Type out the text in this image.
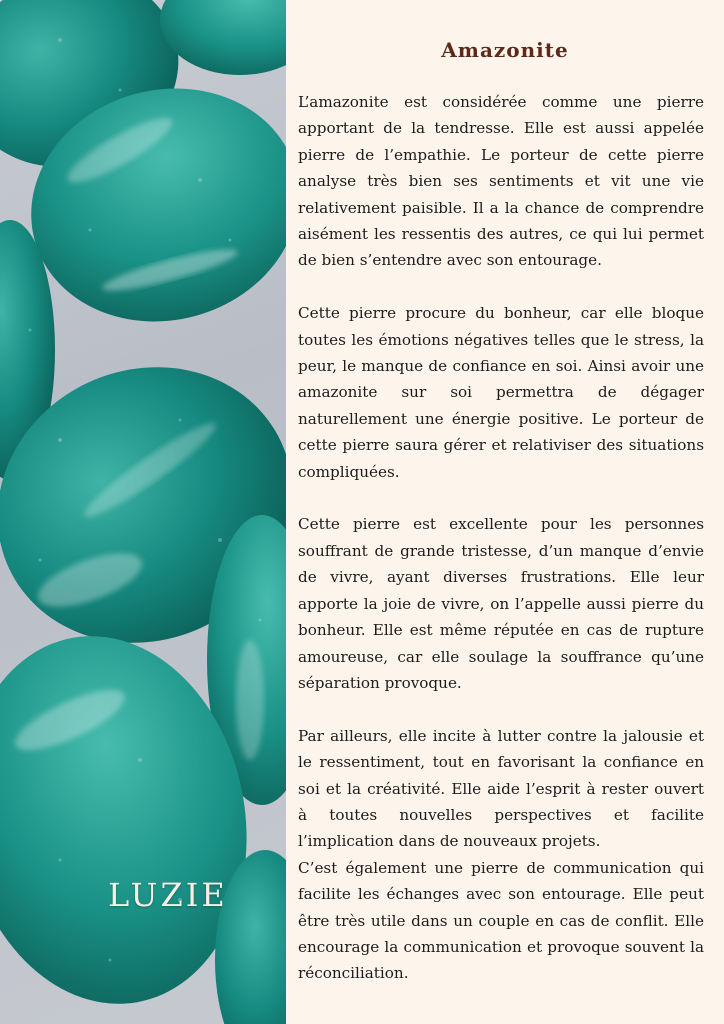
LUZIE
Amazonite

L’amazonite est considérée comme une pierre apportant de la tendresse. Elle est aussi appelée pierre de l’empathie. Le porteur de cette pierre analyse très bien ses sentiments et vit une vie relativement paisible. Il a la chance de comprendre aisément les ressentis des autres, ce qui lui permet de bien s’entendre avec son entourage.

Cette pierre procure du bonheur, car elle bloque toutes les émotions négatives telles que le stress, la peur, le manque de confiance en soi. Ainsi avoir une amazonite sur soi permettra de dégager naturellement une énergie positive. Le porteur de cette pierre saura gérer et relativiser des situations compliquées.

Cette pierre est excellente pour les personnes souffrant de grande tristesse, d’un manque d’envie de vivre, ayant diverses frustrations. Elle leur apporte la joie de vivre, on l’appelle aussi pierre du bonheur. Elle est même réputée en cas de rupture amoureuse, car elle soulage la souffrance qu’une séparation provoque.

Par ailleurs, elle incite à lutter contre la jalousie et le ressentiment, tout en favorisant la confiance en soi et la créativité. Elle aide l’esprit à rester ouvert à toutes nouvelles perspectives et facilite l’implication dans de nouveaux projets.

C’est également une pierre de communication qui facilite les échanges avec son entourage. Elle peut être très utile dans un couple en cas de conflit. Elle encourage la communication et provoque souvent la réconciliation.
